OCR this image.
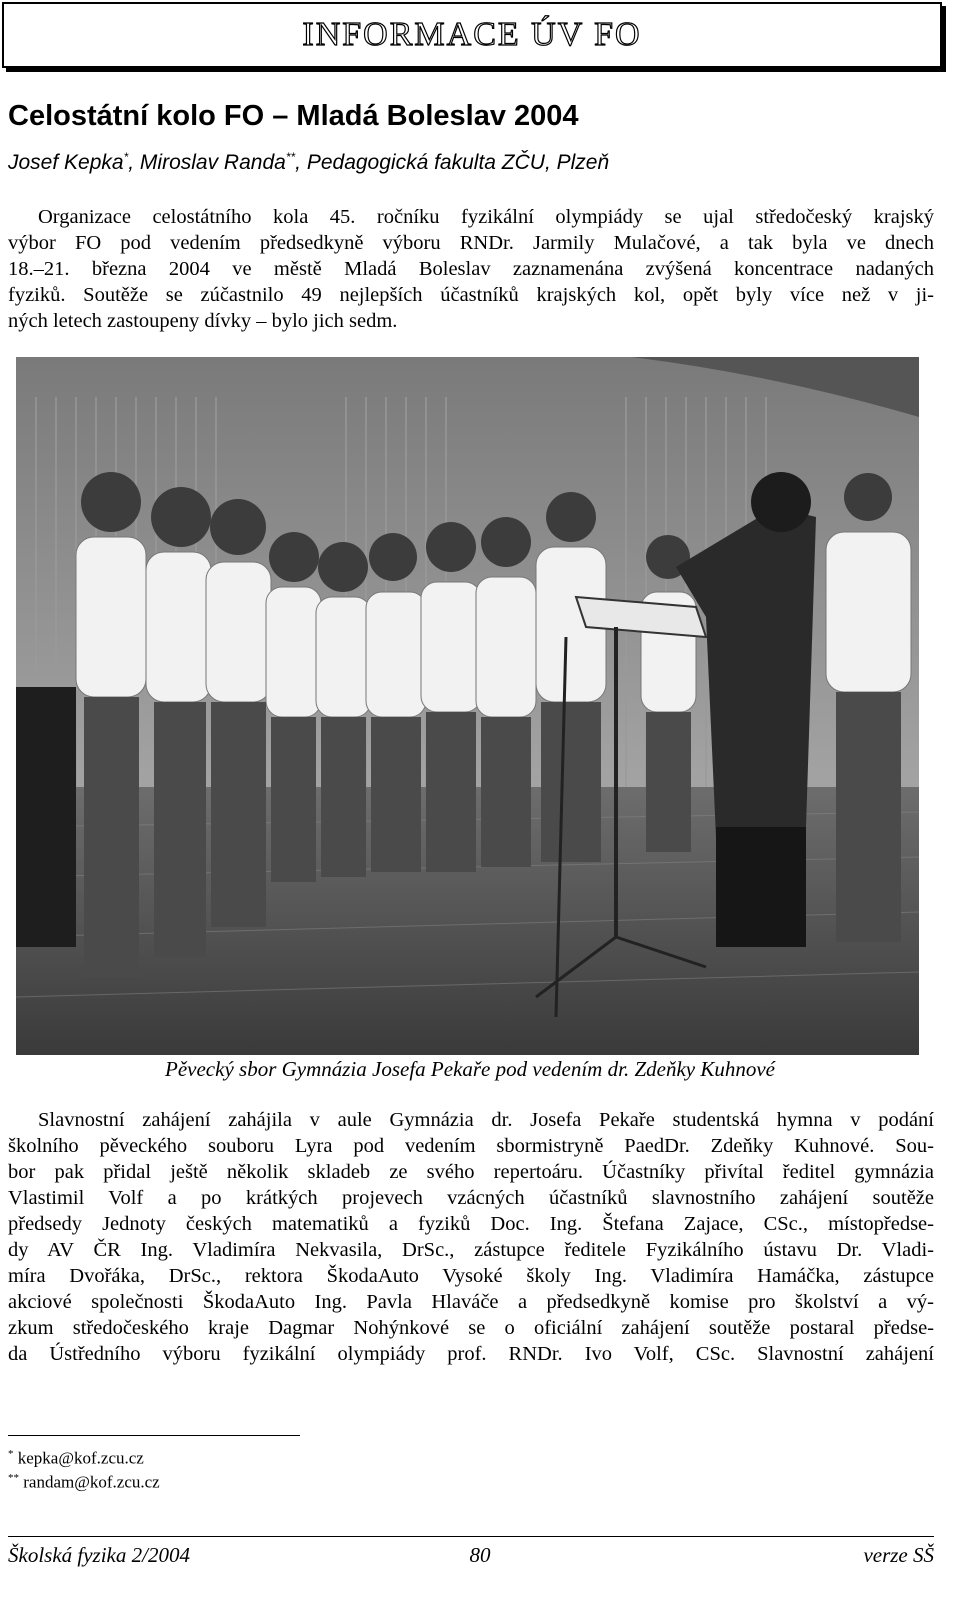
INFORMACE ÚV FO
Celostátní kolo FO – Mladá Boleslav 2004
Josef Kepka*, Miroslav Randa**, Pedagogická fakulta ZČU, Plzeň
Organizace celostátního kola 45. ročníku fyzikální olympiády se ujal středočeský krajský
výbor FO pod vedením předsedkyně výboru RNDr. Jarmily Mulačové, a tak byla ve dnech
18.–21. března 2004 ve městě Mladá Boleslav zaznamenána zvýšená koncentrace nadaných
fyziků. Soutěže se zúčastnilo 49 nejlepších účastníků krajských kol, opět byly více než v ji-
ných letech zastoupeny dívky – bylo jich sedm.
Pěvecký sbor Gymnázia Josefa Pekaře pod vedením dr. Zdeňky Kuhnové
Slavnostní zahájení zahájila v aule Gymnázia dr. Josefa Pekaře studentská hymna v podání
školního pěveckého souboru Lyra pod vedením sbormistryně PaedDr. Zdeňky Kuhnové. Sou-
bor pak přidal ještě několik skladeb ze svého repertoáru. Účastníky přivítal ředitel gymnázia
Vlastimil Volf a po krátkých projevech vzácných účastníků slavnostního zahájení soutěže
předsedy Jednoty českých matematiků a fyziků Doc. Ing. Štefana Zajace, CSc., místopředse-
dy AV ČR Ing. Vladimíra Nekvasila, DrSc., zástupce ředitele Fyzikálního ústavu Dr. Vladi-
míra Dvořáka, DrSc., rektora ŠkodaAuto Vysoké školy Ing. Vladimíra Hamáčka, zástupce
akciové společnosti ŠkodaAuto Ing. Pavla Hlaváče a předsedkyně komise pro školství a vý-
zkum středočeského kraje Dagmar Nohýnkové se o oficiální zahájení soutěže postaral předse-
da Ústředního výboru fyzikální olympiády prof. RNDr. Ivo Volf, CSc. Slavnostní zahájení
* kepka@kof.zcu.cz
** randam@kof.zcu.cz
Školská fyzika 2/2004	80	verze SŠ
